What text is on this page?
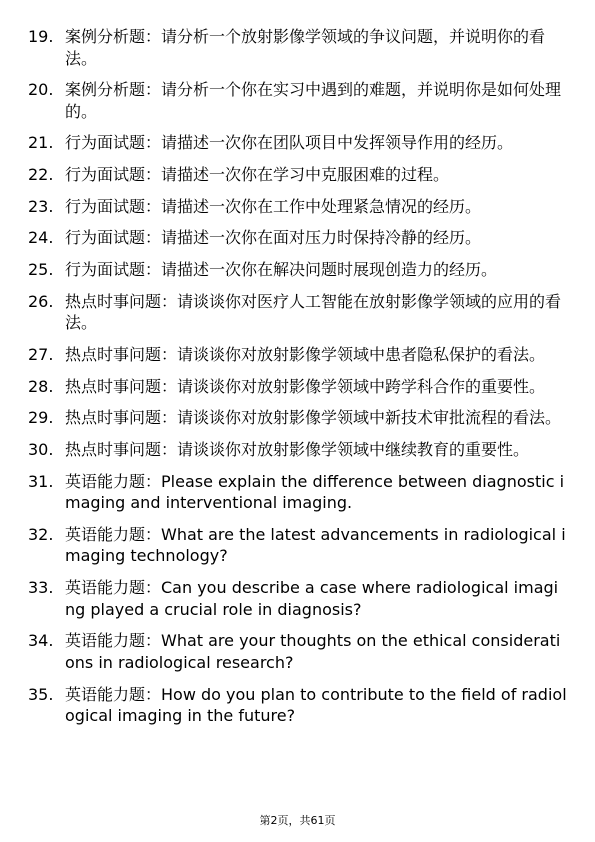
19. 案例分析题：请分析一个放射影像学领域的争议问题，并说明你的看法。
20. 案例分析题：请分析一个你在实习中遇到的难题，并说明你是如何处理的。
21. 行为面试题：请描述一次你在团队项目中发挥领导作用的经历。
22. 行为面试题：请描述一次你在学习中克服困难的过程。
23. 行为面试题：请描述一次你在工作中处理紧急情况的经历。
24. 行为面试题：请描述一次你在面对压力时保持冷静的经历。
25. 行为面试题：请描述一次你在解决问题时展现创造力的经历。
26. 热点时事问题：请谈谈你对医疗人工智能在放射影像学领域的应用的看法。
27. 热点时事问题：请谈谈你对放射影像学领域中患者隐私保护的看法。
28. 热点时事问题：请谈谈你对放射影像学领域中跨学科合作的重要性。
29. 热点时事问题：请谈谈你对放射影像学领域中新技术审批流程的看法。
30. 热点时事问题：请谈谈你对放射影像学领域中继续教育的重要性。
31. 英语能力题：Please explain the difference between diagnostic imaging and interventional imaging.
32. 英语能力题：What are the latest advancements in radiological imaging technology?
33. 英语能力题：Can you describe a case where radiological imaging played a crucial role in diagnosis?
34. 英语能力题：What are your thoughts on the ethical considerations in radiological research?
35. 英语能力题：How do you plan to contribute to the field of radiological imaging in the future?
第2页，共61页
